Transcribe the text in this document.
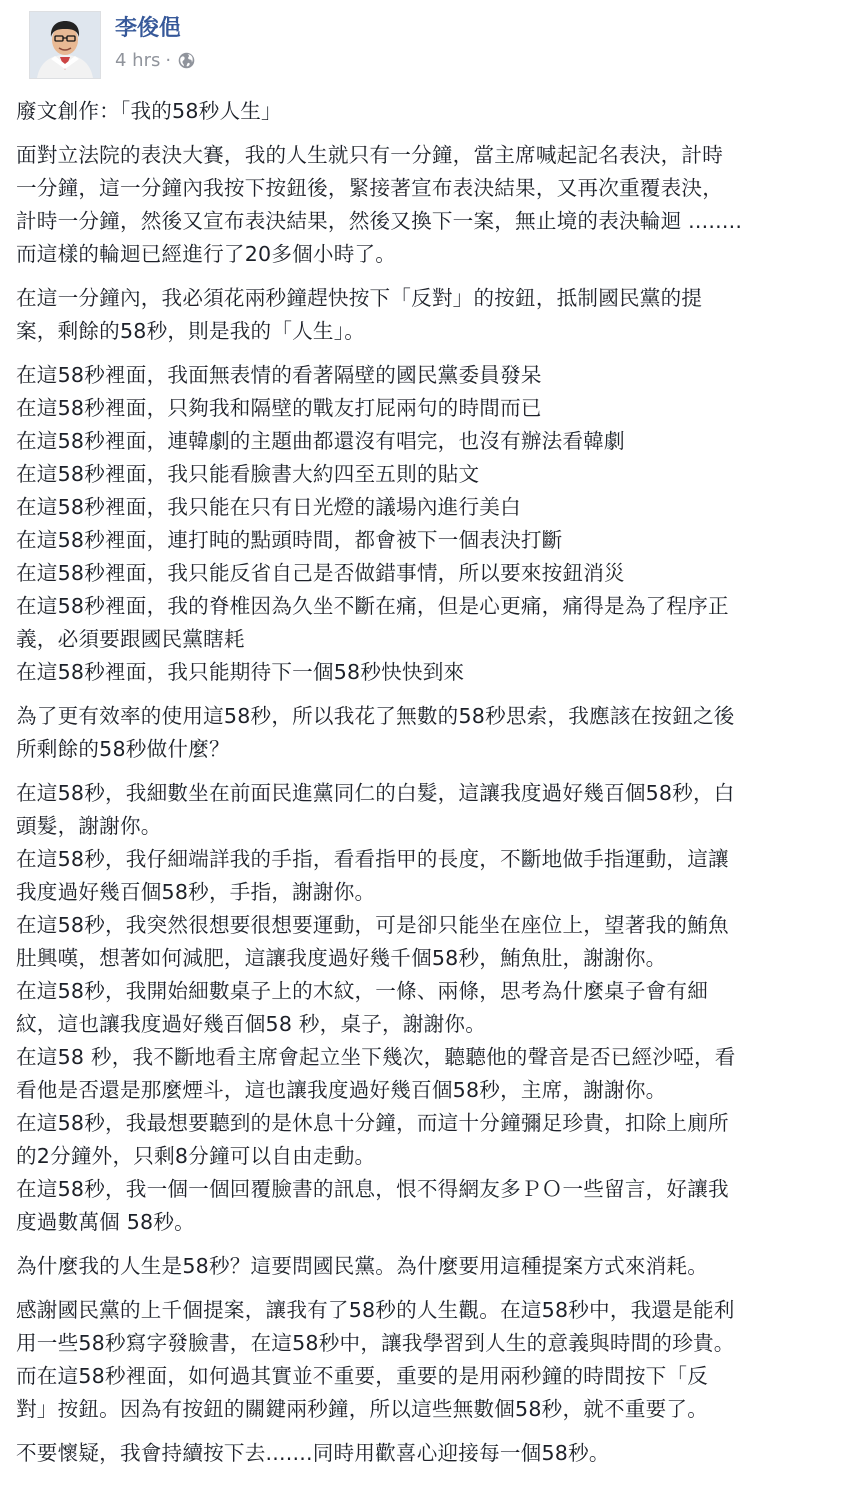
李俊俋
4 hrs ·
廢文創作：「我的58秒人生」
面對立法院的表決大賽，我的人生就只有一分鐘，當主席喊起記名表決，計時
一分鐘，這一分鐘內我按下按鈕後，緊接著宣布表決結果，又再次重覆表決，
計時一分鐘，然後又宣布表決結果，然後又換下一案，無止境的表決輪迴 ........
而這樣的輪迴已經進行了20多個小時了。
在這一分鐘內，我必須花兩秒鐘趕快按下「反對」的按鈕，抵制國民黨的提
案，剩餘的58秒，則是我的「人生」。
在這58秒裡面，我面無表情的看著隔壁的國民黨委員發呆
在這58秒裡面，只夠我和隔壁的戰友打屁兩句的時間而已
在這58秒裡面，連韓劇的主題曲都還沒有唱完，也沒有辦法看韓劇
在這58秒裡面，我只能看臉書大約四至五則的貼文
在這58秒裡面，我只能在只有日光燈的議場內進行美白
在這58秒裡面，連打盹的點頭時間，都會被下一個表決打斷
在這58秒裡面，我只能反省自己是否做錯事情，所以要來按鈕消災
在這58秒裡面，我的脊椎因為久坐不斷在痛，但是心更痛，痛得是為了程序正
義，必須要跟國民黨瞎耗
在這58秒裡面，我只能期待下一個58秒快快到來
為了更有效率的使用這58秒，所以我花了無數的58秒思索，我應該在按鈕之後
所剩餘的58秒做什麼？
在這58秒，我細數坐在前面民進黨同仁的白髮，這讓我度過好幾百個58秒，白
頭髮，謝謝你。
在這58秒，我仔細端詳我的手指，看看指甲的長度，不斷地做手指運動，這讓
我度過好幾百個58秒，手指，謝謝你。
在這58秒，我突然很想要很想要運動，可是卻只能坐在座位上，望著我的鮪魚
肚興嘆，想著如何減肥，這讓我度過好幾千個58秒，鮪魚肚，謝謝你。
在這58秒，我開始細數桌子上的木紋，一條、兩條，思考為什麼桌子會有細
紋，這也讓我度過好幾百個58 秒，桌子，謝謝你。
在這58 秒，我不斷地看主席會起立坐下幾次，聽聽他的聲音是否已經沙啞，看
看他是否還是那麼煙斗，這也讓我度過好幾百個58秒，主席，謝謝你。
在這58秒，我最想要聽到的是休息十分鐘，而這十分鐘彌足珍貴，扣除上廁所
的2分鐘外，只剩8分鐘可以自由走動。
在這58秒，我一個一個回覆臉書的訊息，恨不得網友多ＰＯ一些留言，好讓我
度過數萬個 58秒。
為什麼我的人生是58秒？這要問國民黨。為什麼要用這種提案方式來消耗。
感謝國民黨的上千個提案，讓我有了58秒的人生觀。在這58秒中，我還是能利
用一些58秒寫字發臉書，在這58秒中，讓我學習到人生的意義與時間的珍貴。
而在這58秒裡面，如何過其實並不重要，重要的是用兩秒鐘的時間按下「反
對」按鈕。因為有按鈕的關鍵兩秒鐘，所以這些無數個58秒，就不重要了。
不要懷疑，我會持續按下去.......同時用歡喜心迎接每一個58秒。
